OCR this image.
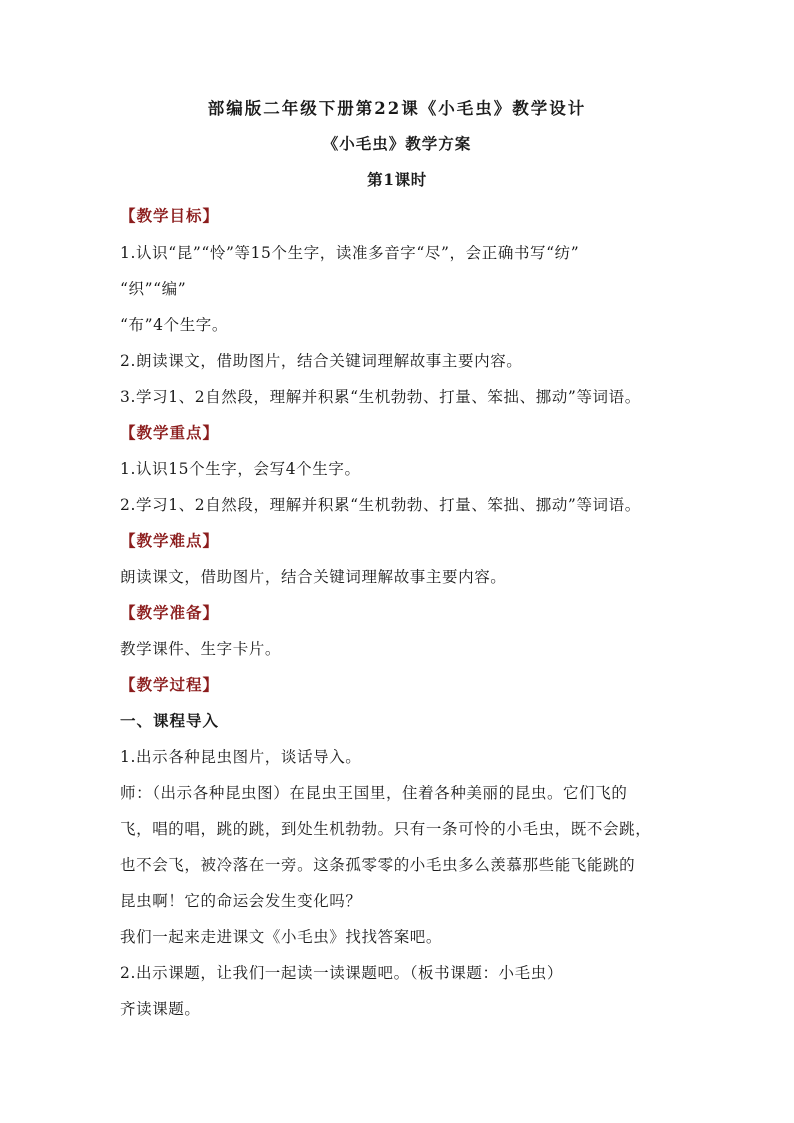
部编版二年级下册第22课《小毛虫》教学设计
《小毛虫》教学方案
第1课时
【教学目标】
1.认识“昆”“怜”等15个生字，读准多音字“尽”，会正确书写“纺”
“织”“编”
“布”4个生字。
2.朗读课文，借助图片，结合关键词理解故事主要内容。
3.学习1、2自然段，理解并积累“生机勃勃、打量、笨拙、挪动”等词语。
【教学重点】
1.认识15个生字，会写4个生字。
2.学习1、2自然段，理解并积累“生机勃勃、打量、笨拙、挪动”等词语。
【教学难点】
朗读课文，借助图片，结合关键词理解故事主要内容。
【教学准备】
教学课件、生字卡片。
【教学过程】
一、课程导入
1.出示各种昆虫图片，谈话导入。
师：（出示各种昆虫图）在昆虫王国里，住着各种美丽的昆虫。它们飞的
飞，唱的唱，跳的跳，到处生机勃勃。只有一条可怜的小毛虫，既不会跳，
也不会飞，被冷落在一旁。这条孤零零的小毛虫多么羡慕那些能飞能跳的
昆虫啊！它的命运会发生变化吗？
我们一起来走进课文《小毛虫》找找答案吧。
2.出示课题，让我们一起读一读课题吧。（板书课题：小毛虫）
齐读课题。
